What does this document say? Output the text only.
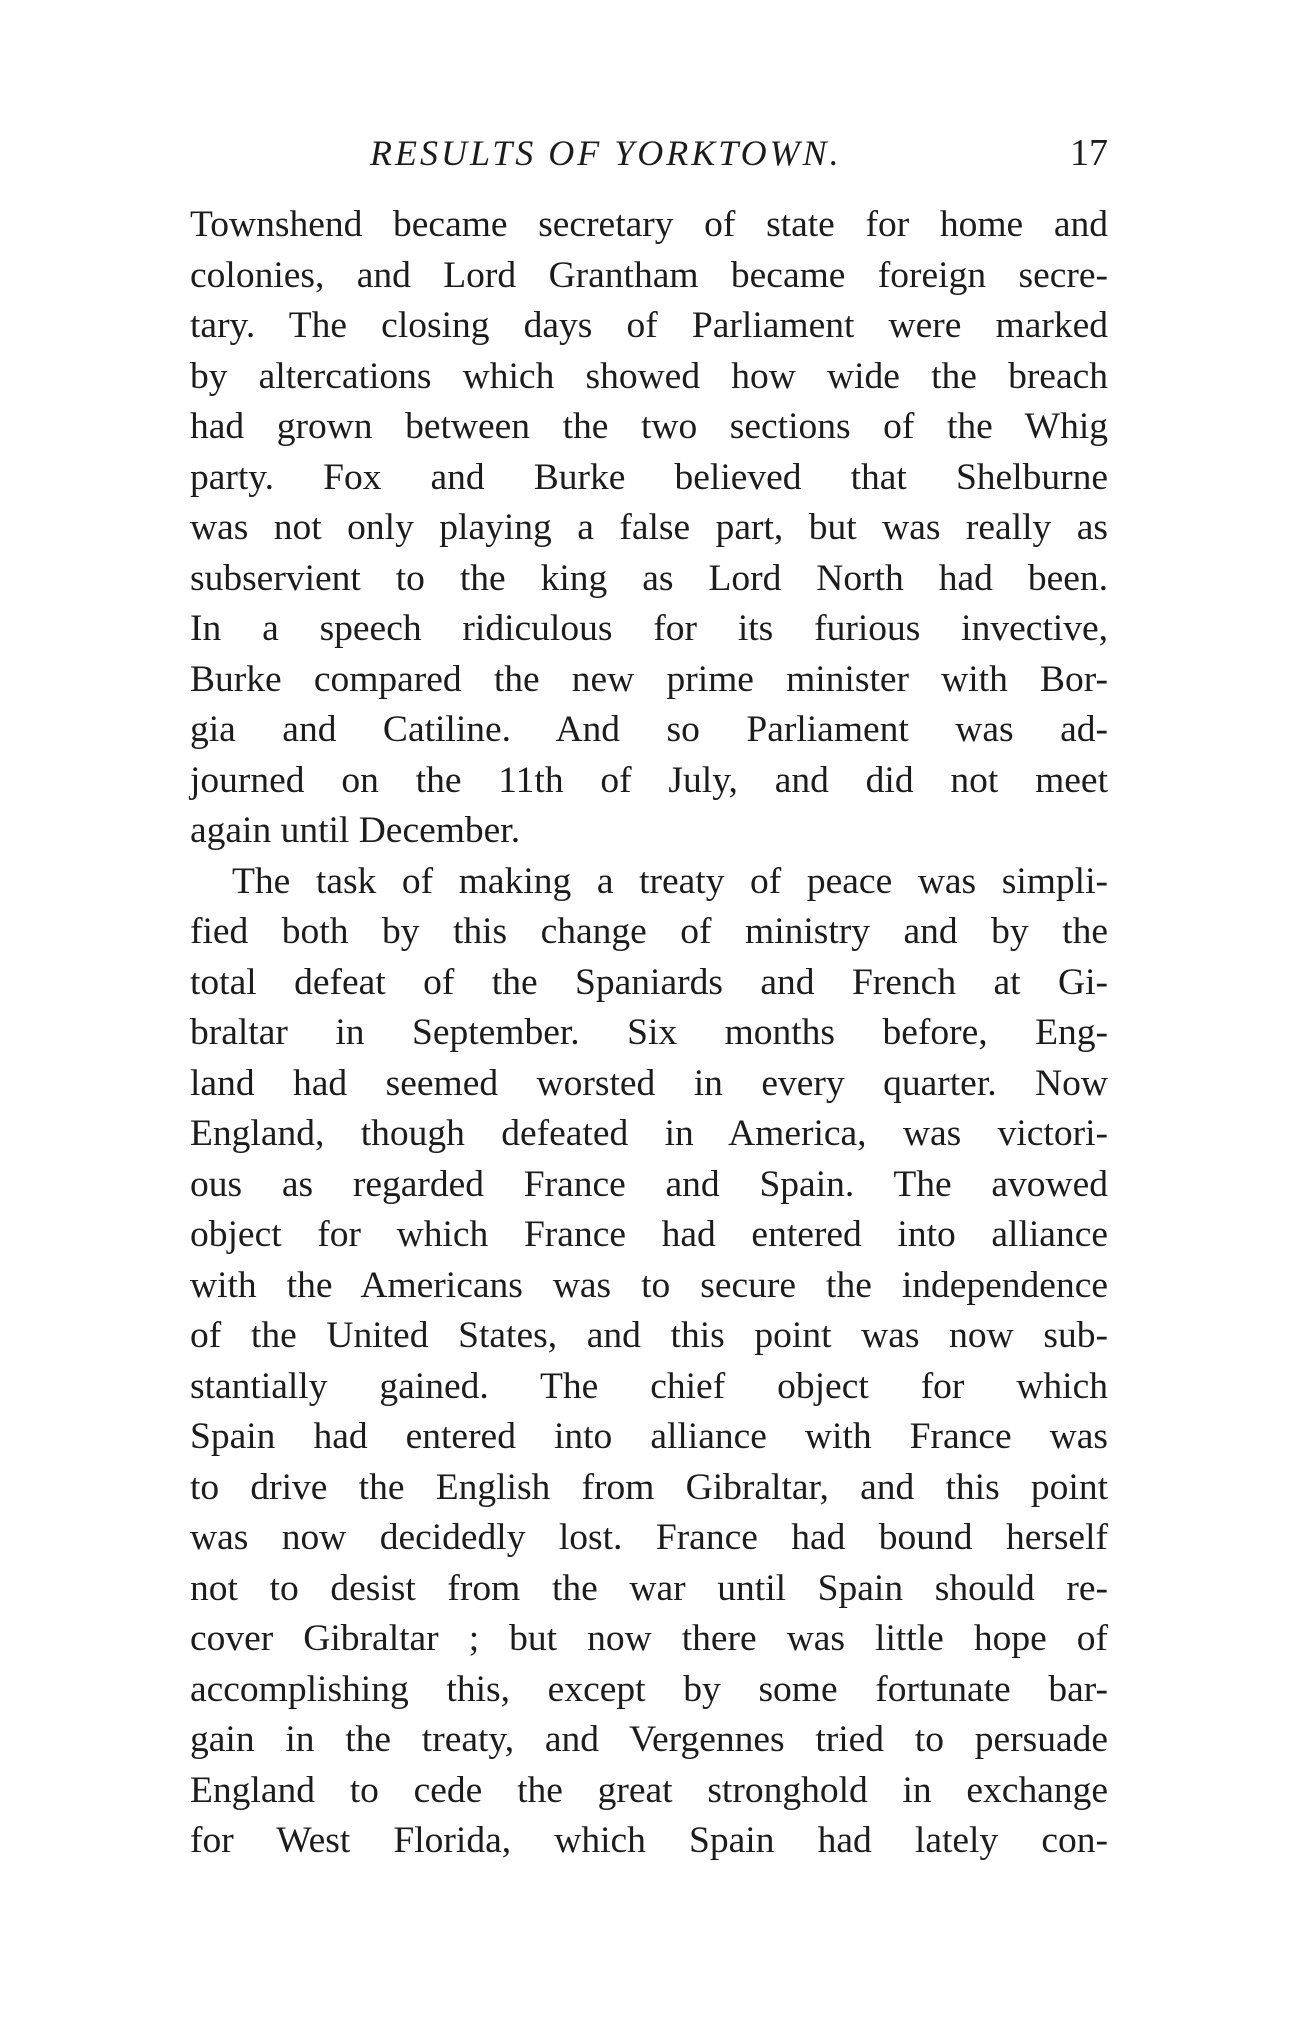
RESULTS OF YORKTOWN.	17
Townshend became secretary of state for home and
colonies, and Lord Grantham became foreign secre-
tary. The closing days of Parliament were marked
by altercations which showed how wide the breach
had grown between the two sections of the Whig
party. Fox and Burke believed that Shelburne
was not only playing a false part, but was really as
subservient to the king as Lord North had been.
In a speech ridiculous for its furious invective,
Burke compared the new prime minister with Bor-
gia and Catiline. And so Parliament was ad-
journed on the 11th of July, and did not meet
again until December.
The task of making a treaty of peace was simpli-
fied both by this change of ministry and by the
total defeat of the Spaniards and French at Gi-
braltar in September. Six months before, Eng-
land had seemed worsted in every quarter. Now
England, though defeated in America, was victori-
ous as regarded France and Spain. The avowed
object for which France had entered into alliance
with the Americans was to secure the independence
of the United States, and this point was now sub-
stantially gained. The chief object for which
Spain had entered into alliance with France was
to drive the English from Gibraltar, and this point
was now decidedly lost. France had bound herself
not to desist from the war until Spain should re-
cover Gibraltar ; but now there was little hope of
accomplishing this, except by some fortunate bar-
gain in the treaty, and Vergennes tried to persuade
England to cede the great stronghold in exchange
for West Florida, which Spain had lately con-
